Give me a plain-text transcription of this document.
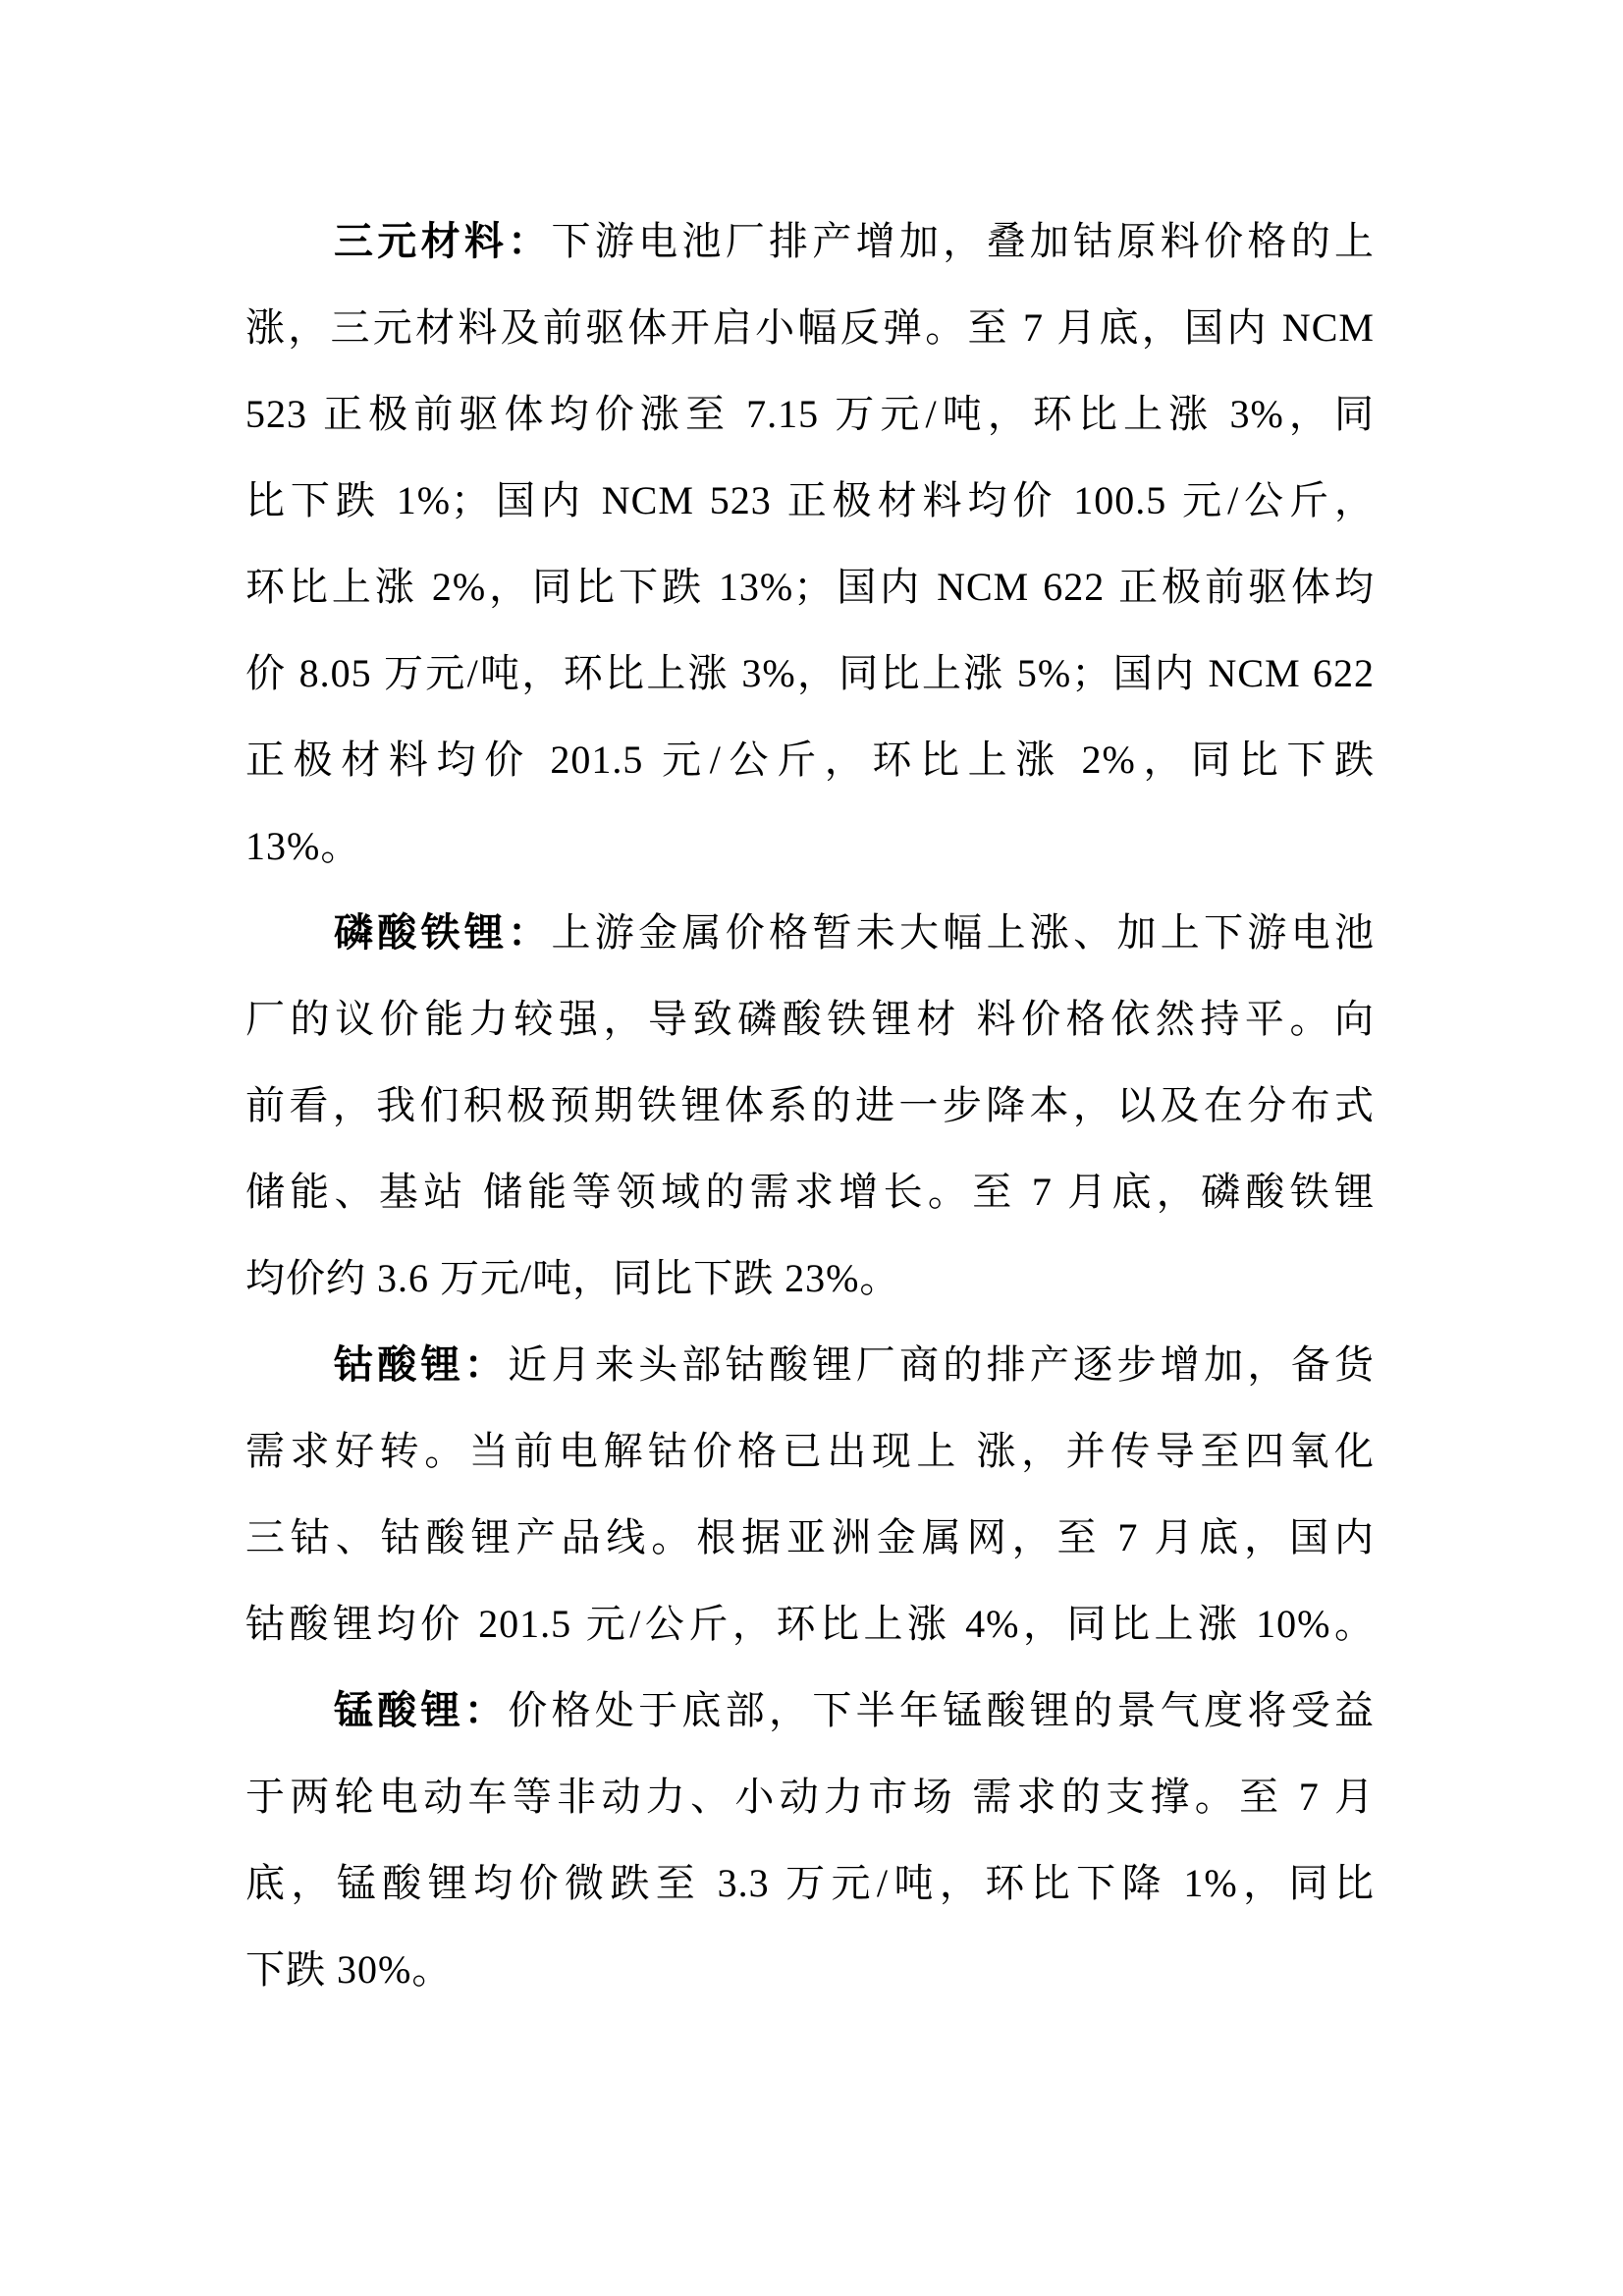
三元材料：下游电池厂排产增加，叠加钴原料价格的上
涨，三元材料及前驱体开启小幅反弹。至 7 月底，国内 NCM
523 正极前驱体均价涨至 7.15 万元/吨，环比上涨 3%，同
比下跌 1%；国内 NCM 523 正极材料均价 100.5 元/公斤，
环比上涨 2%，同比下跌 13%；国内 NCM 622 正极前驱体均
价 8.05 万元/吨，环比上涨 3%，同比上涨 5%；国内 NCM 622
正极材料均价 201.5 元/公斤，环比上涨 2%，同比下跌
13%。
磷酸铁锂：上游金属价格暂未大幅上涨、加上下游电池
厂的议价能力较强，导致磷酸铁锂材 料价格依然持平。向
前看，我们积极预期铁锂体系的进一步降本，以及在分布式
储能、基站 储能等领域的需求增长。至 7 月底，磷酸铁锂
均价约 3.6 万元/吨，同比下跌 23%。
钴酸锂：近月来头部钴酸锂厂商的排产逐步增加，备货
需求好转。当前电解钴价格已出现上 涨，并传导至四氧化
三钴、钴酸锂产品线。根据亚洲金属网，至 7 月底，国内
钴酸锂均价 201.5 元/公斤，环比上涨 4%，同比上涨 10%。
锰酸锂：价格处于底部，下半年锰酸锂的景气度将受益
于两轮电动车等非动力、小动力市场 需求的支撑。至 7 月
底，锰酸锂均价微跌至 3.3 万元/吨，环比下降 1%，同比
下跌 30%。
